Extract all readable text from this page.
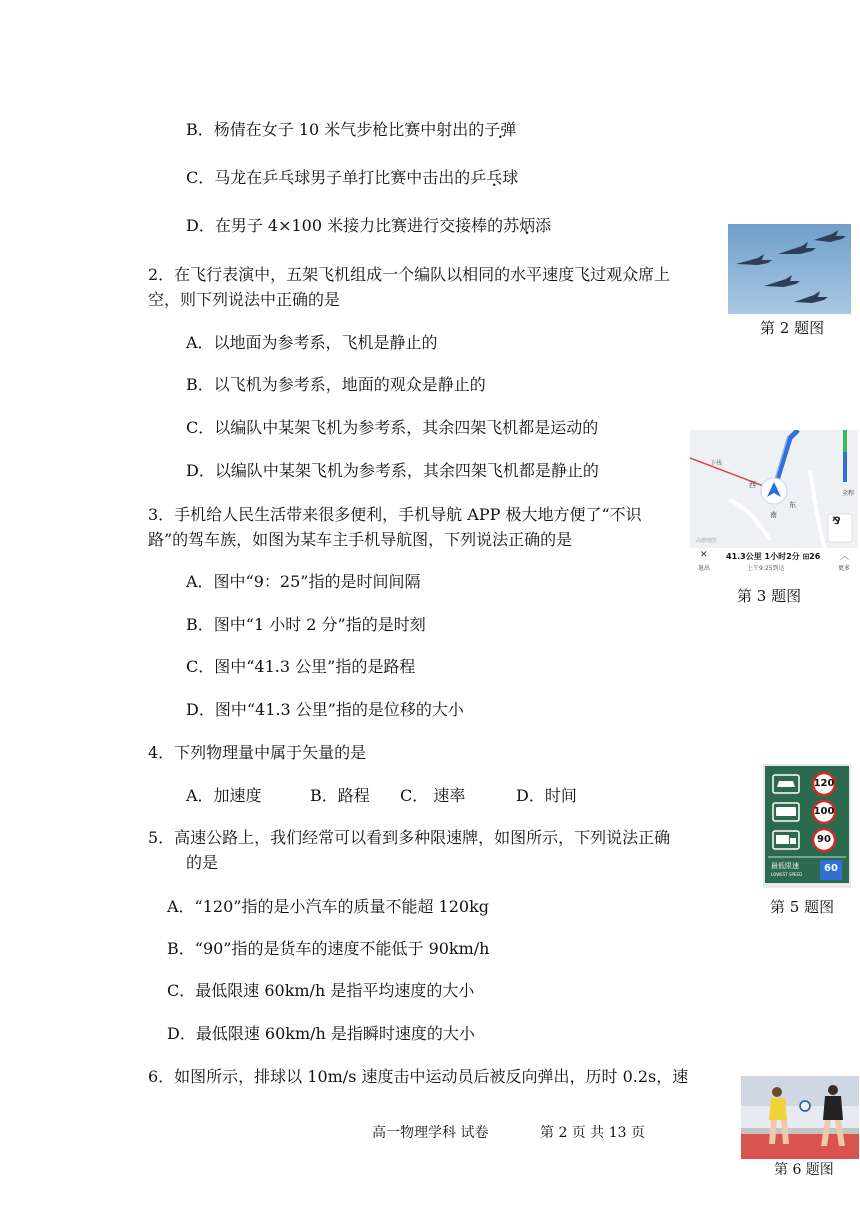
B．杨倩在女子 10 米气步枪比赛中射出的子弹
C．马龙在乒乓球男子单打比赛中击出的乒乓球
D．在男子 4×100 米接力比赛进行交接棒的苏炳添
2．在飞行表演中，五架飞机组成一个编队以相同的水平速度飞过观众席上
空，则下列说法中正确的是
A．以地面为参考系，飞机是静止的
B．以飞机为参考系，地面的观众是静止的
C．以编队中某架飞机为参考系，其余四架飞机都是运动的
D．以编队中某架飞机为参考系，其余四架飞机都是静止的
第 2 题图
3．手机给人民生活带来很多便利，手机导航 APP 极大地方便了“不识
路”的驾车族，如图为某车主手机导航图，下列说法正确的是
A．图中“9：25”指的是时间间隔
B．图中“1 小时 2 分”指的是时刻
C．图中“41.3 公里”指的是路程
D．图中“41.3 公里”指的是位移的大小
下栈
西
东
南
全程
⅋
高德地图
✕
退出
41.3公里 1小时2分 ⊞26
上午9:25到达
︿
更多
第 3 题图
4．下列物理量中属于矢量的是
A．加速度	B．路程 C． 速率	D．时间
5．高速公路上，我们经常可以看到多种限速牌，如图所示，下列说法正确
的是
A．“120”指的是小汽车的质量不能超 120kg
B．“90”指的是货车的速度不能低于 90km/h
C．最低限速 60km/h 是指平均速度的大小
D．最低限速 60km/h 是指瞬时速度的大小
120
100
90
最低限速
LOWEST SPEED
60
第 5 题图
6．如图所示，排球以 10m/s 速度击中运动员后被反向弹出，历时 0.2s，速
第 6 题图
高一物理学科 试卷	第 2 页 共 13 页
